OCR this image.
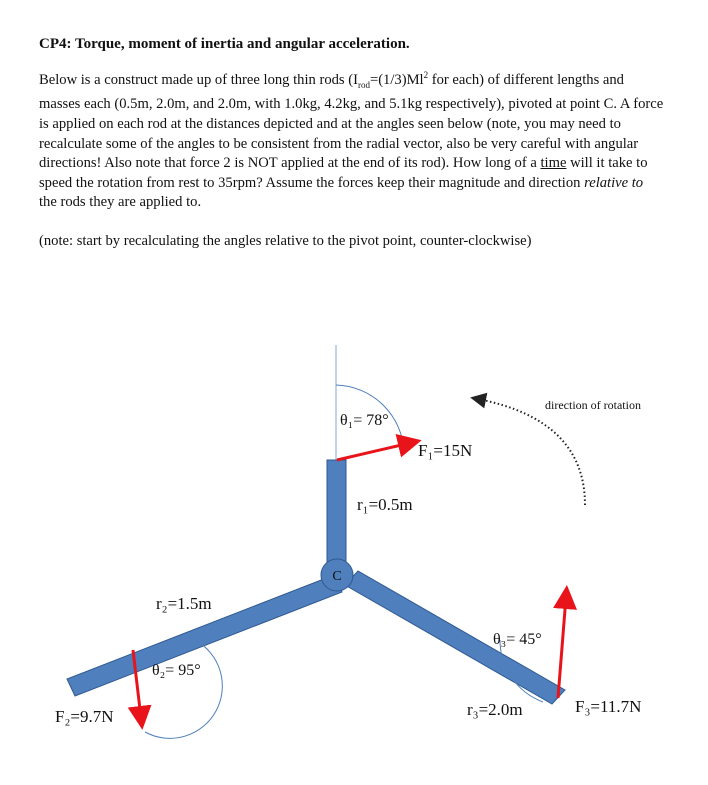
CP4: Torque, moment of inertia and angular acceleration.
Below is a construct made up of three long thin rods ($I_{rod}=(1/3)Ml^2$ for each) of different lengths and masses each (0.5m, 2.0m, and 2.0m, with 1.0kg, 4.2kg, and 5.1kg respectively), pivoted at point C. A force is applied on each rod at the distances depicted and at the angles seen below (note, you may need to recalculate some of the angles to be consistent from the radial vector, also be very careful with angular directions! Also note that force 2 is NOT applied at the end of its rod). How long of a time will it take to speed the rotation from rest to 35rpm? Assume the forces keep their magnitude and direction relative to the rods they are applied to.
(note: start by recalculating the angles relative to the pivot point, counter-clockwise)
C
θ₁= 78°
F₁=15N
r₁=0.5m
r₂=1.5m
θ₂= 95°
F₂=9.7N
θ₃= 45°
r₃=2.0m	F₃=11.7N
direction of rotation
